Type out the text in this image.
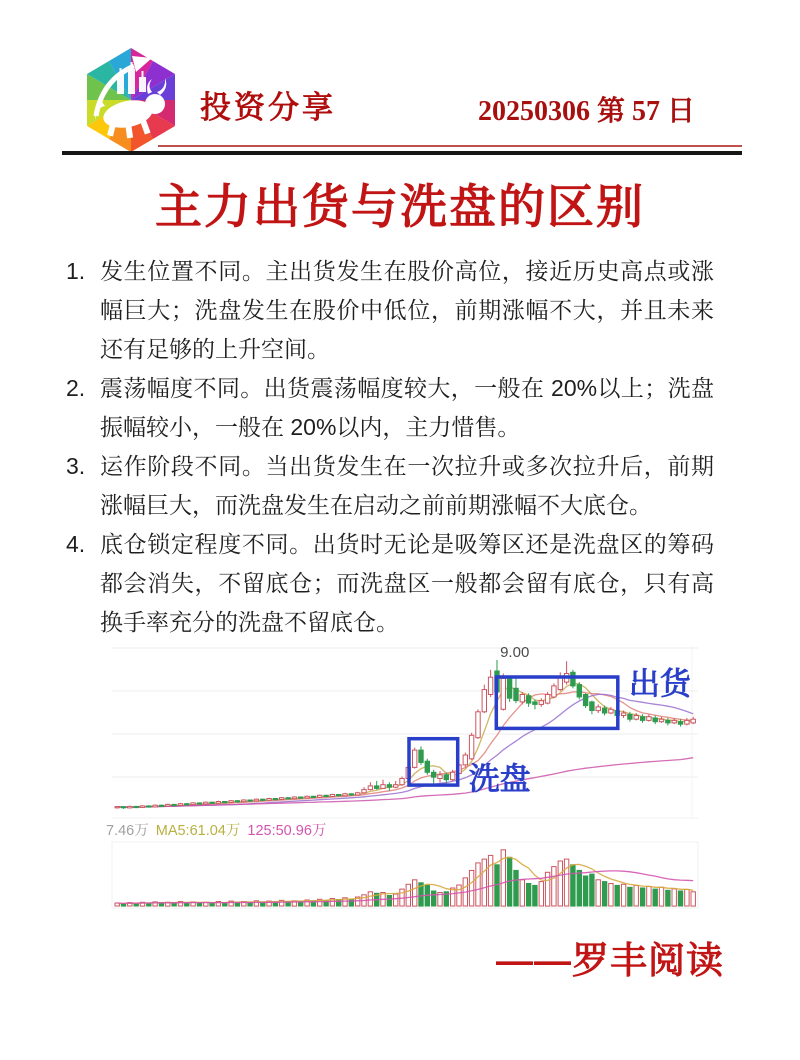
投资分享	20250306 第 57 日
主力出货与洗盘的区别
1. 发生位置不同。主出货发生在股价高位，接近历史高点或涨幅巨大；洗盘发生在股价中低位，前期涨幅不大，并且未来还有足够的上升空间。
2. 震荡幅度不同。出货震荡幅度较大，一般在 20%以上；洗盘振幅较小，一般在 20%以内，主力惜售。
3. 运作阶段不同。当出货发生在一次拉升或多次拉升后，前期涨幅巨大，而洗盘发生在启动之前前期涨幅不大底仓。
4. 底仓锁定程度不同。出货时无论是吸筹区还是洗盘区的筹码都会消失，不留底仓；而洗盘区一般都会留有底仓，只有高换手率充分的洗盘不留底仓。
9.00
洗盘
出货
7.46万 MA5:61.04万 125:50.96万
——罗丰阅读
